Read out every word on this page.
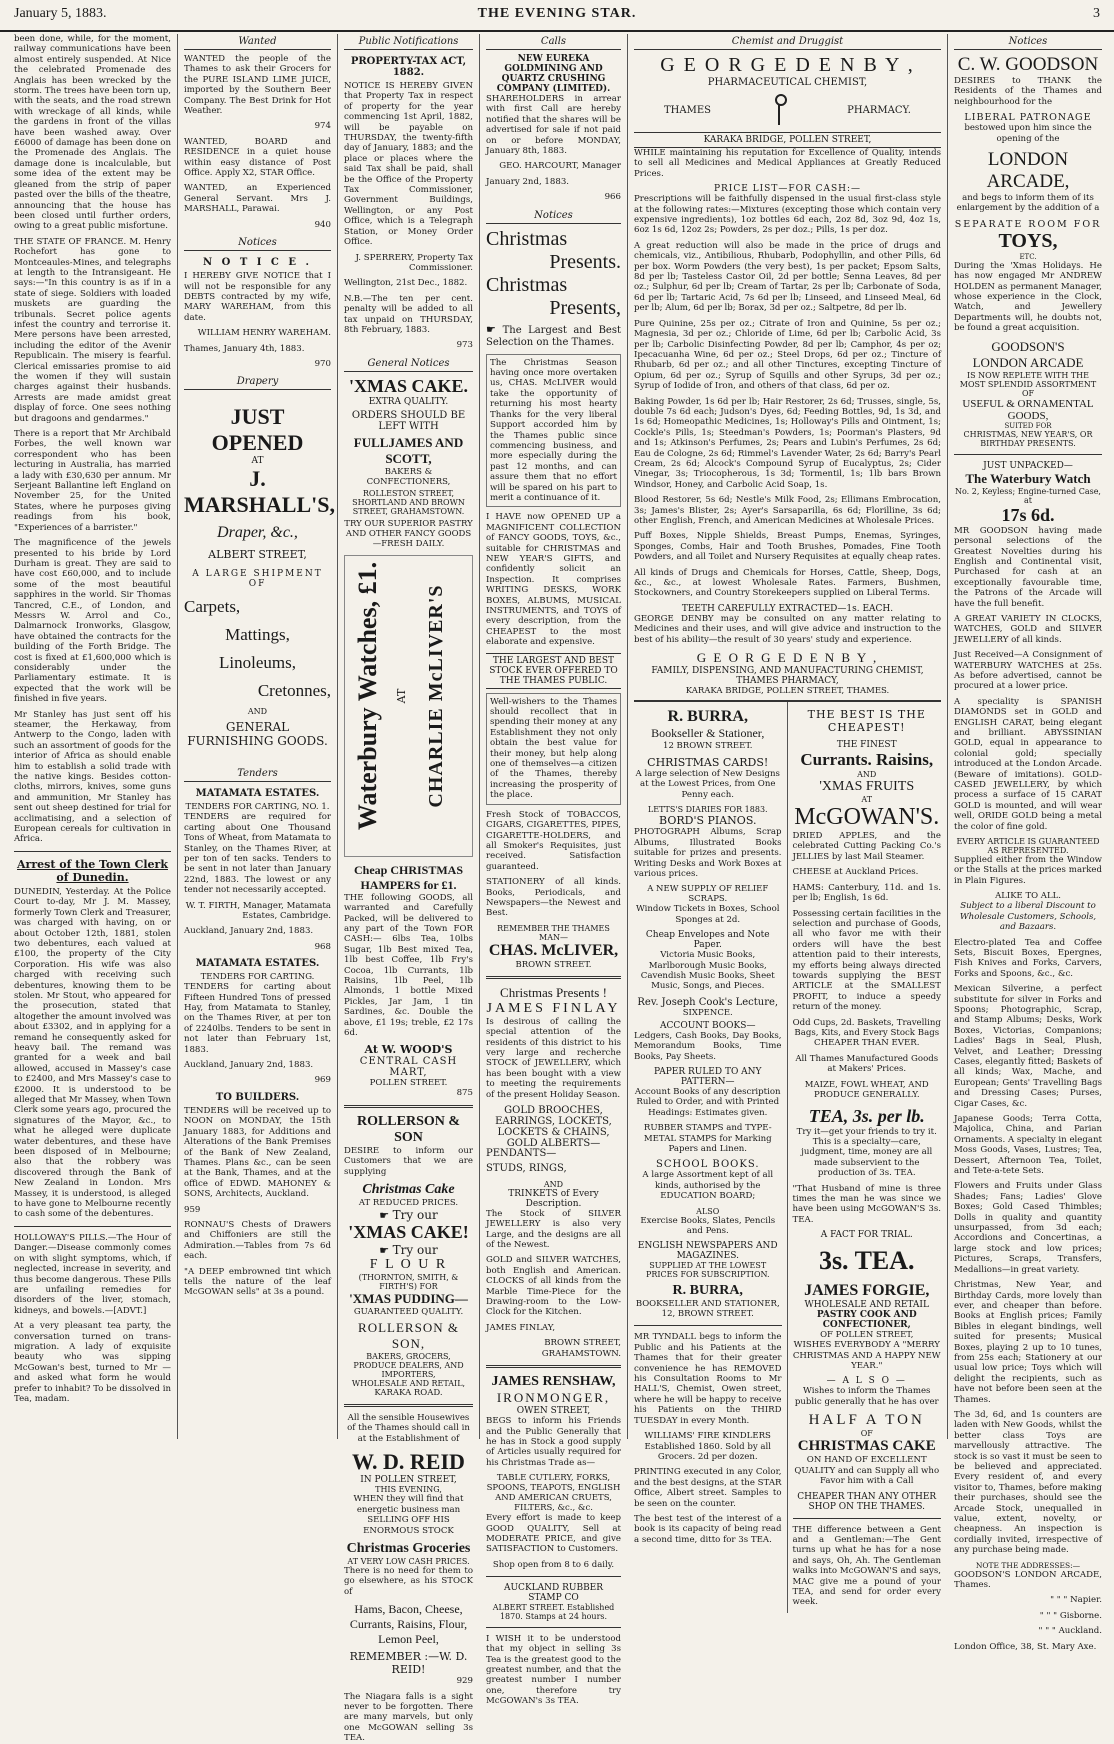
January 5, 1883.	THE EVENING STAR.	3

been done, while, for the moment, railway communications have been almost entirely suspended. At Nice the celebrated Promenade des Anglais has been wrecked by the storm. The trees have been torn up, with the seats, and the road strewn with wreckage of all kinds, while the gardens in front of the villas have been washed away. Over £6000 of damage has been done on the Promenade des Anglais. The damage done is incalculable, but some idea of the extent may be gleaned from the strip of paper pasted over the bills of the theatre, announcing that the house has been closed until further orders, owing to a great public misfortune.

THE STATE OF FRANCE. M. Henry Rochefort has gone to Montceaules-Mines, and telegraphs at length to the Intransigeant. He says:—"In this country is as if in a state of siege. Soldiers with loaded muskets are guarding the tribunals. Secret police agents infest the country and terrorise it. Mere persons have been arrested, including the editor of the Avenir Republicain. The misery is fearful. Clerical emissaries promise to aid the women if they will sustain charges against their husbands. Arrests are made amidst great display of force. One sees nothing but dragoons and gendarmes."

There is a report that Mr Archibald Forbes, the well known war correspondent who has been lecturing in Australia, has married a lady with £30,630 per annum. Mr Serjeant Ballantine left England on November 25, for the United States, where he purposes giving readings from his book, "Experiences of a barrister."

The magnificence of the jewels presented to his bride by Lord Durham is great. They are said to have cost £60,000, and to include some of the most beautiful sapphires in the world. Sir Thomas Tancred, C.E., of London, and Messrs W. Arrol and Co., Dalmarnock Ironworks, Glasgow, have obtained the contracts for the building of the Forth Bridge. The cost is fixed at £1,600,000 which is considerably under the Parliamentary estimate. It is expected that the work will be finished in five years.

Mr Stanley has just sent off his steamer, the Herkaway, from Antwerp to the Congo, laden with such an assortment of goods for the interior of Africa as should enable him to establish a solid trade with the native kings. Besides cotton-cloths, mirrors, knives, some guns and ammunition, Mr Stanley has sent out sheep destined for trial for acclimatising, and a selection of European cereals for cultivation in Africa.

Arrest of the Town Clerk of Dunedin.

DUNEDIN, Yesterday. At the Police Court to-day, Mr J. M. Massey, formerly Town Clerk and Treasurer, was charged with having, on or about October 12th, 1881, stolen two debentures, each valued at £100, the property of the City Corporation. His wife was also charged with receiving such debentures, knowing them to be stolen. Mr Stout, who appeared for the prosecution, stated that altogether the amount involved was about £3302, and in applying for a remand he consequently asked for heavy bail. The remand was granted for a week and bail allowed, accused in Massey's case to £2400, and Mrs Massey's case to £2000. It is understood to be alleged that Mr Massey, when Town Clerk some years ago, procured the signatures of the Mayor, &c., to what he alleged were duplicate water debentures, and these have been disposed of in Melbourne; also that the robbery was discovered through the Bank of New Zealand in London. Mrs Massey, it is understood, is alleged to have gone to Melbourne recently to cash some of the debentures.

HOLLOWAY'S PILLS.—The Hour of Danger.—Disease commonly comes on with slight symptoms, which, if neglected, increase in severity, and thus become dangerous. These Pills are unfailing remedies for disorders of the liver, stomach, kidneys, and bowels.—[ADVT.]

At a very pleasant tea party, the conversation turned on trans-migration. A lady of exquisite beauty who was sipping McGowan's best, turned to Mr — and asked what form he would prefer to inhabit? To be dissolved in Tea, madam.

Wanted

WANTED the people of the Thames to ask their Grocers for the PURE ISLAND LIME JUICE, imported by the Southern Beer Company. The Best Drink for Hot Weather.

974

WANTED, BOARD and RESIDENCE in a quiet house within easy distance of Post Office. Apply X2, STAR Office.

WANTED, an Experienced General Servant. Mrs J. MARSHALL, Parawai.

940
Notices
N O T I C E .

I HEREBY GIVE NOTICE that I will not be responsible for any DEBTS contracted by my wife, MARY WAREHAM, from this date.

WILLIAM HENRY WAREHAM.
Thames, January 4th, 1883.
970
Drapery
JUST OPENED
AT
J. MARSHALL'S,
Draper, &c.,
ALBERT STREET,
A LARGE SHIPMENT OF
Carpets,
Mattings,
Linoleums,
Cretonnes,
AND
GENERAL FURNISHING GOODS.
Tenders
MATAMATA ESTATES.
TENDERS FOR CARTING, NO. 1.

TENDERS are required for carting about One Thousand Tons of Wheat, from Matamata to Stanley, on the Thames River, at per ton of ten sacks. Tenders to be sent in not later than January 22nd, 1883. The lowest or any tender not necessarily accepted.

W. T. FIRTH, Manager, Matamata Estates, Cambridge.
Auckland, January 2nd, 1883.
968
MATAMATA ESTATES.
TENDERS FOR CARTING.

TENDERS for carting about Fifteen Hundred Tons of pressed Hay, from Matamata to Stanley, on the Thames River, at per ton of 2240lbs. Tenders to be sent in not later than February 1st, 1883.

Auckland, January 2nd, 1883.
969
TO BUILDERS.

TENDERS will be received up to NOON on MONDAY, the 15th January 1883, for Additions and Alterations of the Bank Premises of the Bank of New Zealand, Thames. Plans &c., can be seen at the Bank, Thames, and at the office of EDWD. MAHONEY & SONS, Architects, Auckland.

959

RONNAU'S Chests of Drawers and Chiffoniers are still the Admiration.—Tables from 7s 6d each.

"A DEEP embrowned tint which tells the nature of the leaf McGOWAN sells" at 3s a pound.

Public Notifications
PROPERTY-TAX ACT, 1882.

NOTICE IS HEREBY GIVEN that Property Tax in respect of property for the year commencing 1st April, 1882, will be payable on THURSDAY, the twenty-fifth day of January, 1883; and the place or places where the said Tax shall be paid, shall be the Office of the Property Tax Commissioner, Government Buildings, Wellington, or any Post Office, which is a Telegraph Station, or Money Order Office.

J. SPERRERY, Property Tax Commissioner.
Wellington, 21st Dec., 1882.

N.B.—The ten per cent. penalty will be added to all tax unpaid on THURSDAY, 8th February, 1883.

973
General Notices
'XMAS CAKE.
EXTRA QUALITY.
ORDERS SHOULD BE LEFT WITH
FULLJAMES AND SCOTT,
BAKERS & CONFECTIONERS,
ROLLESTON STREET, SHORTLAND AND BROWN STREET, GRAHAMSTOWN.
TRY OUR SUPERIOR PASTRY AND OTHER FANCY GOODS—FRESH DAILY.
Waterbury Watches, £1. AT CHARLIE McLIVER'S
Cheap CHRISTMAS HAMPERS for £1.

THE following GOODS, all warranted and Carefully Packed, will be delivered to any part of the Town FOR CASH:— 6lbs Tea, 10lbs Sugar, 1lb Best mixed Tea, 1lb best Coffee, 1lb Fry's Cocoa, 1lb Currants, 1lb Raisins, 1lb Peel, 1lb Almonds, 1 bottle Mixed Pickles, Jar Jam, 1 tin Sardines, &c. Double the above, £1 19s; treble, £2 17s 6d.

At W. WOOD'S
CENTRAL CASH MART,
POLLEN STREET.
875
ROLLERSON & SON

DESIRE to inform our Customers that we are supplying

Christmas Cake
AT REDUCED PRICES.
☛ Try our
'XMAS CAKE!
☛ Try our
F L O U R
(THORNTON, SMITH, & FIRTH'S) FOR
'XMAS PUDDING—
GUARANTEED QUALITY.
ROLLERSON & SON,
BAKERS, GROCERS, PRODUCE DEALERS, AND IMPORTERS,
WHOLESALE AND RETAIL,
KARAKA ROAD.

All the sensible Housewives of the Thames should call in at the Establishment of

W. D. REID
IN POLLEN STREET,
THIS EVENING,

WHEN they will find that energetic business man SELLING OFF HIS ENORMOUS STOCK

Christmas Groceries
AT VERY LOW CASH PRICES.

There is no need for them to go elsewhere, as his STOCK of

Hams, Bacon, Cheese, Currants, Raisins, Flour, Lemon Peel,
REMEMBER :—W. D. REID!
929

The Niagara falls is a sight never to be forgotten. There are many marvels, but only one McGOWAN selling 3s TEA.

Calls
NEW EUREKA GOLDMINING AND QUARTZ CRUSHING COMPANY (LIMITED).

SHAREHOLDERS in arrear with first Call are hereby notified that the shares will be advertised for sale if not paid on or before MONDAY, January 8th, 1883.

GEO. HARCOURT, Manager
January 2nd, 1883.
966
Notices
Christmas
Presents.
Christmas
Presents,
☛ The Largest and Best Selection on the Thames.

The Christmas Season having once more overtaken us, CHAS. McLIVER would take the opportunity of returning his most hearty Thanks for the very liberal Support accorded him by the Thames public since commencing business, and more especially during the past 12 months, and can assure them that no effort will be spared on his part to merit a continuance of it.

I HAVE now OPENED UP a MAGNIFICENT COLLECTION of FANCY GOODS, TOYS, &c., suitable for CHRISTMAS and NEW YEAR'S GIFTS, and confidently solicit an Inspection. It comprises WRITING DESKS, WORK BOXES, ALBUMS, MUSICAL INSTRUMENTS, and TOYS of every description, from the CHEAPEST to the most elaborate and expensive.

THE LARGEST AND BEST STOCK EVER OFFERED TO THE THAMES PUBLIC.

Well-wishers to the Thames should recollect that in spending their money at any Establishment they not only obtain the best value for their money, but help along one of themselves—a citizen of the Thames, thereby increasing the prosperity of the place.

Fresh Stock of TOBACCOS, CIGARS, CIGARETTES, PIPES, CIGARETTE-HOLDERS, and all Smoker's Requisites, just received. Satisfaction guaranteed.

STATIONERY of all kinds. Books, Periodicals, and Newspapers—the Newest and Best.

REMEMBER THE THAMES MAN—
CHAS. McLIVER,
BROWN STREET.
Christmas Presents !
JAMES FINLAY

Is desirous of calling the special attention of the residents of this district to his very large and recherche STOCK of JEWELLERY, which has been bought with a view to meeting the requirements of the present Holiday Season.

GOLD BROOCHES, EARRINGS, LOCKETS, LOCKETS & CHAINS, GOLD ALBERTS—
PENDANTS—
STUDS, RINGS,
AND
TRINKETS of Every Description.

The Stock of SILVER JEWELLERY is also very Large, and the designs are all of the Newest.

GOLD and SILVER WATCHES, both English and American. CLOCKS of all kinds from the Marble Time-Piece for the Drawing-room to the Low-Clock for the Kitchen.

JAMES FINLAY,
BROWN STREET, GRAHAMSTOWN.
JAMES RENSHAW,
IRONMONGER,
OWEN STREET,

BEGS to inform his Friends and the Public Generally that he has in Stock a good supply of Articles usually required for his Christmas Trade as—

TABLE CUTLERY, FORKS, SPOONS, TEAPOTS, ENGLISH AND AMERICAN CRUETS, FILTERS, &c., &c.

Every effort is made to keep GOOD QUALITY, Sell at MODERATE PRICE, and give SATISFACTION to Customers.

Shop open from 8 to 6 daily.
AUCKLAND RUBBER STAMP CO
ALBERT STREET. Established 1870. Stamps at 24 hours.

I WISH it to be understood that my object in selling 3s Tea is the greatest good to the greatest number, and that the greatest number I number one, therefore try McGOWAN's 3s TEA.

Chemist and Druggist
G E O R G E D E N B Y ,
PHARMACEUTICAL CHEMIST,
THAMES	PHARMACY.
KARAKA BRIDGE, POLLEN STREET,

WHILE maintaining his reputation for Excellence of Quality, intends to sell all Medicines and Medical Appliances at Greatly Reduced Prices.

PRICE LIST—FOR CASH:—

Prescriptions will be faithfully dispensed in the usual first-class style at the following rates:—Mixtures (excepting those which contain very expensive ingredients), 1oz bottles 6d each, 2oz 8d, 3oz 9d, 4oz 1s, 6oz 1s 6d, 12oz 2s; Powders, 2s per doz.; Pills, 1s per doz.

A great reduction will also be made in the price of drugs and chemicals, viz., Antibilious, Rhubarb, Podophyllin, and other Pills, 6d per box. Worm Powders (the very best), 1s per packet; Epsom Salts, 8d per lb; Tasteless Castor Oil, 2d per bottle; Senna Leaves, 8d per oz.; Sulphur, 6d per lb; Cream of Tartar, 2s per lb; Carbonate of Soda, 6d per lb; Tartaric Acid, 7s 6d per lb; Linseed, and Linseed Meal, 6d per lb; Alum, 6d per lb; Borax, 3d per oz.; Saltpetre, 8d per lb.

Pure Quinine, 25s per oz.; Citrate of Iron and Quinine, 5s per oz.; Magnesia, 3d per oz.; Chloride of Lime, 6d per lb; Carbolic Acid, 3s per lb; Carbolic Disinfecting Powder, 8d per lb; Camphor, 4s per oz; Ipecacuanha Wine, 6d per oz.; Steel Drops, 6d per oz.; Tincture of Rhubarb, 6d per oz.; and all other Tinctures, excepting Tincture of Opium, 6d per oz.; Syrup of Squills and other Syrups, 3d per oz.; Syrup of Iodide of Iron, and others of that class, 6d per oz.

Baking Powder, 1s 6d per lb; Hair Restorer, 2s 6d; Trusses, single, 5s, double 7s 6d each; Judson's Dyes, 6d; Feeding Bottles, 9d, 1s 3d, and 1s 6d; Homeopathic Medicines, 1s; Holloway's Pills and Ointment, 1s; Cockle's Pills, 1s; Steedman's Powders, 1s; Poorman's Plasters, 9d and 1s; Atkinson's Perfumes, 2s; Pears and Lubin's Perfumes, 2s 6d; Eau de Cologne, 2s 6d; Rimmel's Lavender Water, 2s 6d; Barry's Pearl Cream, 2s 6d; Alcock's Compound Syrup of Eucalyptus, 2s; Cider Vinegar, 3s; Triocopherous, 1s 3d; Tormentil, 1s; 1lb bars Brown Windsor, Honey, and Carbolic Acid Soap, 1s.

Blood Restorer, 5s 6d; Nestle's Milk Food, 2s; Ellimans Embrocation, 3s; James's Blister, 2s; Ayer's Sarsaparilla, 6s 6d; Florilline, 3s 6d; other English, French, and American Medicines at Wholesale Prices.

Puff Boxes, Nipple Shields, Breast Pumps, Enemas, Syringes, Sponges, Combs, Hair and Tooth Brushes, Pomades, Fine Tooth Powders, and all Toilet and Nursery Requisites at equally cheap rates.

All kinds of Drugs and Chemicals for Horses, Cattle, Sheep, Dogs, &c., &c., at lowest Wholesale Rates. Farmers, Bushmen, Stockowners, and Country Storekeepers supplied on Liberal Terms.

TEETH CAREFULLY EXTRACTED—1s. EACH.

GEORGE DENBY may be consulted on any matter relating to Medicines and their uses, and will give advice and instruction to the best of his ability—the result of 30 years' study and experience.

G E O R G E D E N B Y ,
FAMILY, DISPENSING, AND MANUFACTURING CHEMIST,
THAMES PHARMACY,
KARAKA BRIDGE, POLLEN STREET, THAMES.
R. BURRA,
Bookseller & Stationer,
12 BROWN STREET.
CHRISTMAS CARDS!

A large selection of New Designs at the Lowest Prices, from One Penny each.

LETTS'S DIARIES FOR 1883.
BORD'S PIANOS.

PHOTOGRAPH Albums, Scrap Albums, Illustrated Books suitable for prizes and presents. Writing Desks and Work Boxes at various prices.

A NEW SUPPLY OF RELIEF SCRAPS.

Window Tickets in Boxes, School Sponges at 2d.

Cheap Envelopes and Note Paper.

Victoria Music Books, Marlborough Music Books, Cavendish Music Books, Sheet Music, Songs, and Pieces.

Rev. Joseph Cook's Lecture,
SIXPENCE.
ACCOUNT BOOKS—

Ledgers, Cash Books, Day Books, Memorandum Books, Time Books, Pay Sheets.

PAPER RULED TO ANY PATTERN—

Account Books of any description Ruled to Order, and with Printed Headings: Estimates given.

RUBBER STAMPS and TYPE-METAL STAMPS for Marking Papers and Linen.

SCHOOL BOOKS.

A large Assortment kept of all kinds, authorised by the EDUCATION BOARD;

ALSO

Exercise Books, Slates, Pencils and Pens.

ENGLISH NEWSPAPERS AND MAGAZINES.
SUPPLIED AT THE LOWEST PRICES FOR SUBSCRIPTION.
R. BURRA,
BOOKSELLER AND STATIONER,
12, BROWN STREET.

MR TYNDALL begs to inform the Public and his Patients at the Thames that for their greater convenience he has REMOVED his Consultation Rooms to Mr HALL'S, Chemist, Owen street, where he will be happy to receive his Patients on the THIRD TUESDAY in every Month.

WILLIAMS' FIRE KINDLERS Established 1860. Sold by all Grocers. 2d per dozen.

PRINTING executed in any Color, and the best designs, at the STAR Office, Albert street. Samples to be seen on the counter.

The best test of the interest of a book is its capacity of being read a second time, ditto for 3s TEA.

THE BEST IS THE CHEAPEST!
THE FINEST
Currants. Raisins,
AND
'XMAS FRUITS
AT
McGOWAN'S.

DRIED APPLES, and the celebrated Cutting Packing Co.'s JELLIES by last Mail Steamer.

CHEESE at Auckland Prices.

HAMS: Canterbury, 11d. and 1s. per lb; English, 1s 6d.

Possessing certain facilities in the selection and purchase of Goods, all who favor me with their orders will have the best attention paid to their interests, my efforts being always directed towards supplying the BEST ARTICLE at the SMALLEST PROFIT, to induce a speedy return of the money.

Odd Cups, 2d. Baskets, Travelling Bags, Kits, and Every Stock Bags CHEAPER THAN EVER.

All Thames Manufactured Goods at Makers' Prices.

MAIZE, FOWL WHEAT, AND PRODUCE GENERALLY.
TEA, 3s. per lb.

Try it—get your friends to try it. This is a specialty—care, judgment, time, money are all made subservient to the production of 3s. TEA.

"That Husband of mine is three times the man he was since we have been using McGOWAN'S 3s. TEA.

A FACT FOR TRIAL.
3s. TEA.
JAMES FORGIE,
WHOLESALE AND RETAIL
PASTRY COOK AND CONFECTIONER,
OF POLLEN STREET,

WISHES EVERYBODY A "MERRY CHRISTMAS AND A HAPPY NEW YEAR."

— A L S O —

Wishes to inform the Thames public generally that he has over

HALF A TON
OF
CHRISTMAS CAKE

ON HAND OF EXCELLENT QUALITY and can Supply all who Favor him with a Call

CHEAPER THAN ANY OTHER SHOP ON THE THAMES.

THE difference between a Gent and a Gentleman:—The Gent turns up what he has for a nose and says, Oh, Ah. The Gentleman walks into McGOWAN'S and says, MAC give me a pound of your TEA, and send for order every week.

Notices
C. W. GOODSON

DESIRES to THANK the Residents of the Thames and neighbourhood for the

LIBERAL PATRONAGE

bestowed upon him since the opening of the

LONDON ARCADE,

and begs to inform them of its enlargement by the addition of a

SEPARATE ROOM FOR
TOYS,
ETC.

During the 'Xmas Holidays. He has now engaged Mr ANDREW HOLDEN as permanent Manager, whose experience in the Clock, Watch, and Jewellery Departments will, he doubts not, be found a great acquisition.

GOODSON'S
LONDON ARCADE
IS NOW REPLETE WITH THE MOST SPLENDID ASSORTMENT OF
USEFUL & ORNAMENTAL
GOODS,
SUITED FOR
CHRISTMAS, NEW YEAR'S, OR BIRTHDAY PRESENTS.
JUST UNPACKED—
The Waterbury Watch
No. 2, Keyless; Engine-turned Case, at
17s 6d.

MR GOODSON having made personal selections of the Greatest Novelties during his English and Continental visit, Purchased for cash at an exceptionally favourable time, the Patrons of the Arcade will have the full benefit.

A GREAT VARIETY IN CLOCKS, WATCHES, GOLD and SILVER JEWELLERY of all kinds.

Just Received—A Consignment of WATERBURY WATCHES at 25s. As before advertised, cannot be procured at a lower price.

A speciality is SPANISH DIAMONDS set in GOLD and ENGLISH CARAT, being elegant and brilliant. ABYSSINIAN GOLD, equal in appearance to colonial gold; specially introduced at the London Arcade. (Beware of imitations). GOLD-CASED JEWELLERY, by which process a surface of 15 CARAT GOLD is mounted, and will wear well, ORIDE GOLD being a metal the color of fine gold.

EVERY ARTICLE IS GUARANTEED AS REPRESENTED.

Supplied either from the Window or the Stalls at the prices marked in Plain Figures.

ALIKE TO ALL.

Subject to a liberal Discount to Wholesale Customers, Schools, and Bazaars.

Electro-plated Tea and Coffee Sets, Biscuit Boxes, Epergnes, Fish Knives and Forks, Carvers, Forks and Spoons, &c., &c.

Mexican Silverine, a perfect substitute for silver in Forks and Spoons; Photographic, Scrap, and Stamp Albums; Desks, Work Boxes, Victorias, Companions; Ladies' Bags in Seal, Plush, Velvet, and Leather; Dressing Cases, elegantly fitted; Baskets of all kinds; Wax, Mache, and European; Gents' Travelling Bags and Dressing Cases; Purses, Cigar Cases, &c.

Japanese Goods; Terra Cotta, Majolica, China, and Parian Ornaments. A specialty in elegant Moss Goods, Vases, Lustres; Tea, Dessert, Afternoon Tea, Toilet, and Tete-a-tete Sets.

Flowers and Fruits under Glass Shades; Fans; Ladies' Glove Boxes; Gold Cased Thimbles; Dolls in quality and quantity unsurpassed, from 3d each; Accordions and Concertinas, a large stock and low prices; Pictures, Scraps, Transfers, Medallions—in great variety.

Christmas, New Year, and Birthday Cards, more lovely than ever, and cheaper than before. Books at English prices; Family Bibles in elegant bindings, well suited for presents; Musical Boxes, playing 2 up to 10 tunes, from 25s each; Stationery at our usual low price; Toys which will delight the recipients, such as have not before been seen at the Thames.

The 3d, 6d, and 1s counters are laden with New Goods, whilst the better class Toys are marvellously attractive. The stock is so vast it must be seen to be believed and appreciated. Every resident of, and every visitor to, Thames, before making their purchases, should see the Arcade Stock, unequalled in value, extent, novelty, or cheapness. An inspection is cordially invited, irrespective of any purchase being made.

NOTE THE ADDRESSES:—
GOODSON'S LONDON ARCADE, Thames.
" " " Napier.
" " " Gisborne.
" " " Auckland.
London Office, 38, St. Mary Axe.
